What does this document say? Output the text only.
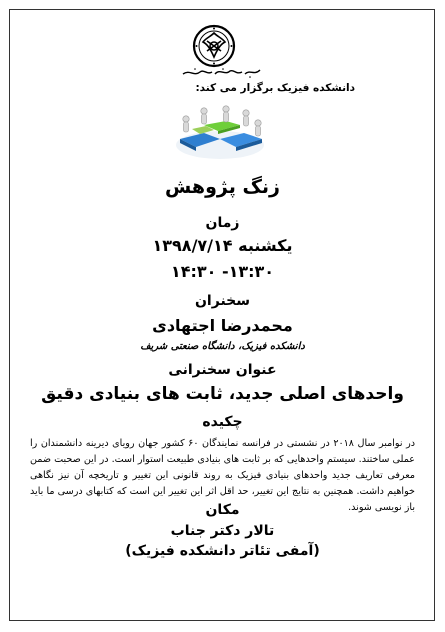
دانشکده فیزیک برگزار می کند:
زنگ پژوهش
زمان
یکشنبه ۱۳۹۸/۷/۱۴
۱۳:۳۰- ۱۴:۳۰
سخنران
محمدرضا اجتهادی
دانشکده فیزیک، دانشگاه صنعتی شریف
عنوان سخنرانی
واحدهای اصلی جدید، ثابت های بنیادی دقیق
چکیده
در نوامبر سال ۲۰۱۸ در نشستی در فرانسه نمایندگان ۶۰ کشور جهان رویای دیرینه دانشمندان را عملی ساختند. سیستم واحدهایی که بر ثابت های بنیادی طبیعت استوار است. در این صحبت ضمن معرفی تعاریف جدید واحدهای بنیادی فیزیک به روند قانونی این تغییر و تاریخچه آن نیز نگاهی خواهیم داشت. همچنین به نتایج این تغییر، حد اقل اثر این تغییر این است که کتابهای درسی ما باید باز نویسی شوند.
مکان
تالار دکتر جناب
(آمفی تئاتر دانشکده فیزیک)
